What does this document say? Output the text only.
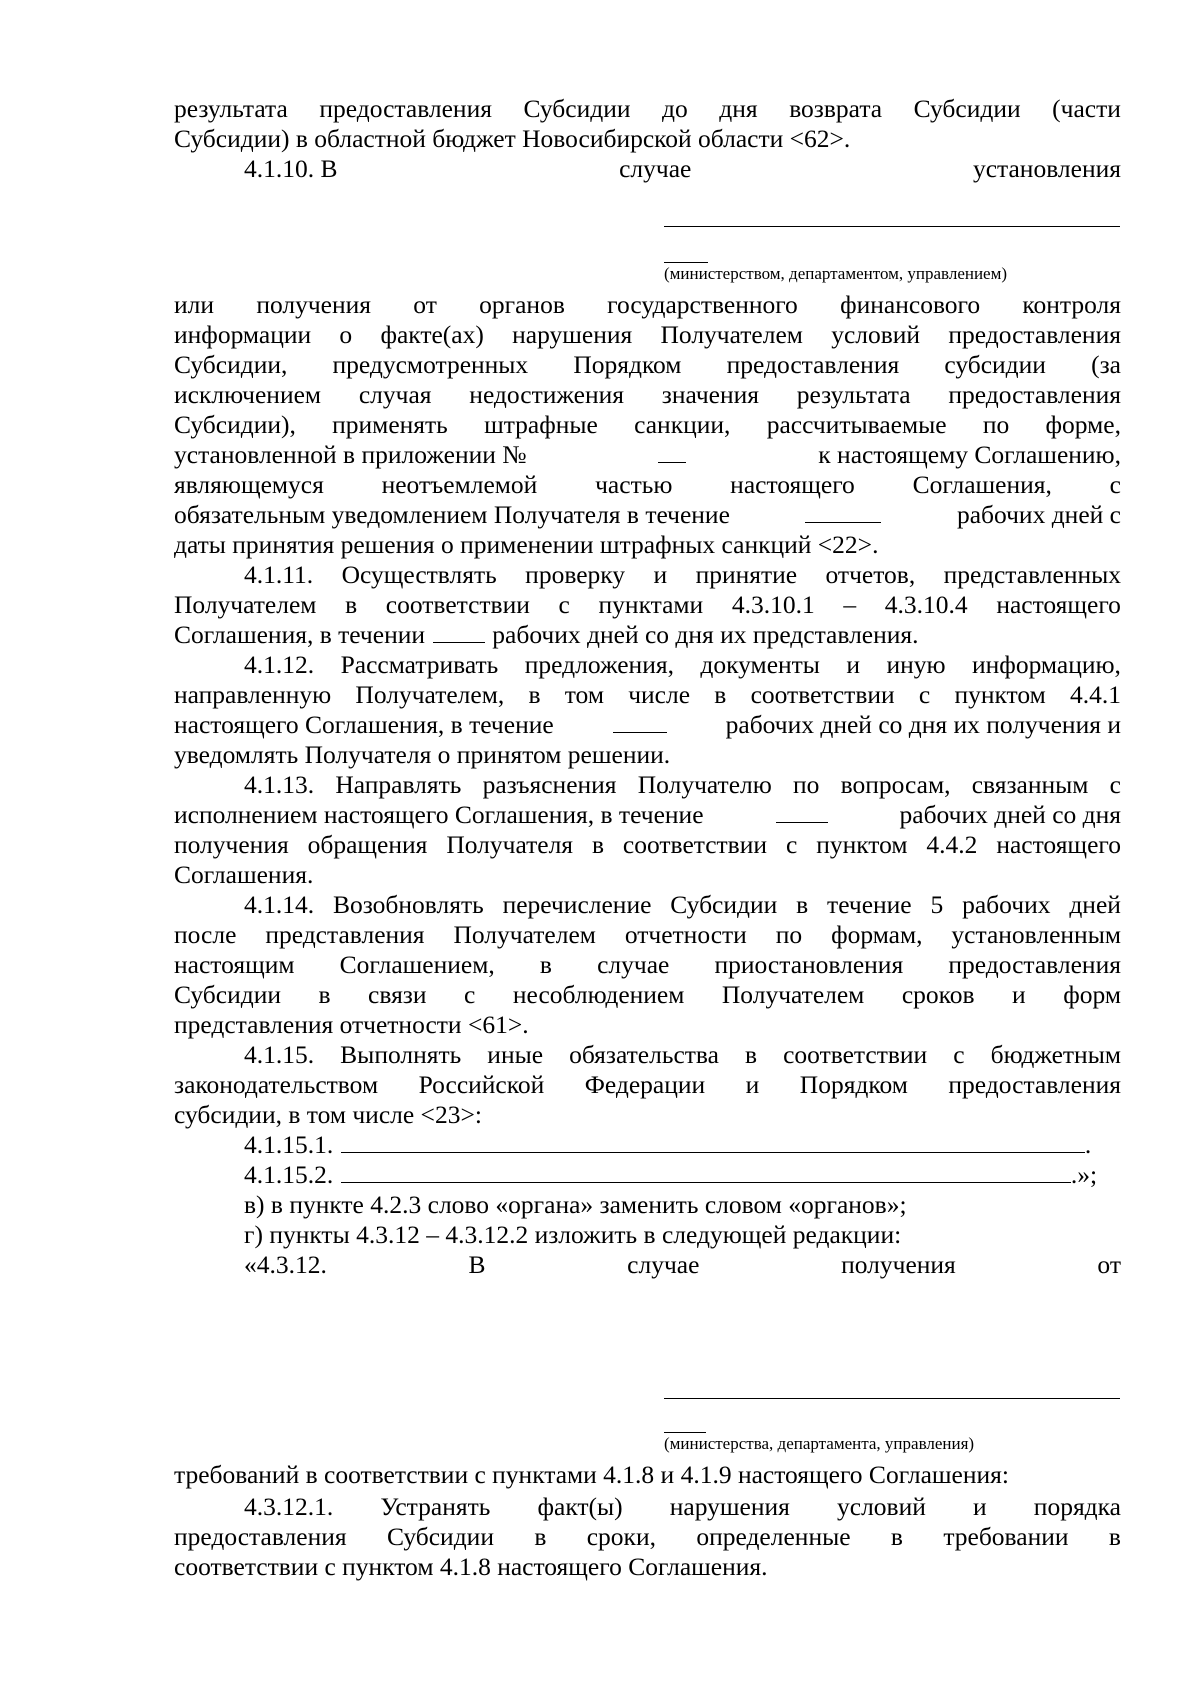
результата предоставления Субсидии до дня возврата Субсидии (части
Субсидии) в областной бюджет Новосибирской области <62>.
4.1.10. В	случае	установления
(министерством, департаментом, управлением)
или получения от органов государственного финансового контроля
информации о факте(ах) нарушения Получателем условий предоставления
Субсидии, предусмотренных Порядком предоставления субсидии (за
исключением случая недостижения значения результата предоставления
Субсидии), применять штрафные санкции, рассчитываемые по форме,
установленной в приложении №	к настоящему Соглашению,
являющемуся неотъемлемой частью настоящего Соглашения, с
обязательным уведомлением Получателя в течение	рабочих дней с
даты принятия решения о применении штрафных санкций <22>.
4.1.11. Осуществлять проверку и принятие отчетов, представленных
Получателем в соответствии с пунктами 4.3.10.1 – 4.3.10.4 настоящего
Соглашения, в течении	рабочих дней со дня их представления.
4.1.12. Рассматривать предложения, документы и иную информацию,
направленную Получателем, в том числе в соответствии с пунктом 4.4.1
настоящего Соглашения, в течение	рабочих дней со дня их получения и
уведомлять Получателя о принятом решении.
4.1.13. Направлять разъяснения Получателю по вопросам, связанным с
исполнением настоящего Соглашения, в течение	рабочих дней со дня
получения обращения Получателя в соответствии с пунктом 4.4.2 настоящего
Соглашения.
4.1.14. Возобновлять перечисление Субсидии в течение 5 рабочих дней
после представления Получателем отчетности по формам, установленным
настоящим Соглашением, в случае приостановления предоставления
Субсидии в связи с несоблюдением Получателем сроков и форм
представления отчетности <61>.
4.1.15. Выполнять иные обязательства в соответствии с бюджетным
законодательством Российской Федерации и Порядком предоставления
субсидии, в том числе <23>:
4.1.15.1.	.
4.1.15.2.	.»;
в) в пункте 4.2.3 слово «органа» заменить словом «органов»;
г) пункты 4.3.12 – 4.3.12.2 изложить в следующей редакции:
«4.3.12.	В	случае	получения	от
(министерства, департамента, управления)
требований в соответствии с пунктами 4.1.8 и 4.1.9 настоящего Соглашения:
4.3.12.1. Устранять факт(ы) нарушения условий и порядка
предоставления Субсидии в сроки, определенные в требовании в
соответствии с пунктом 4.1.8 настоящего Соглашения.
